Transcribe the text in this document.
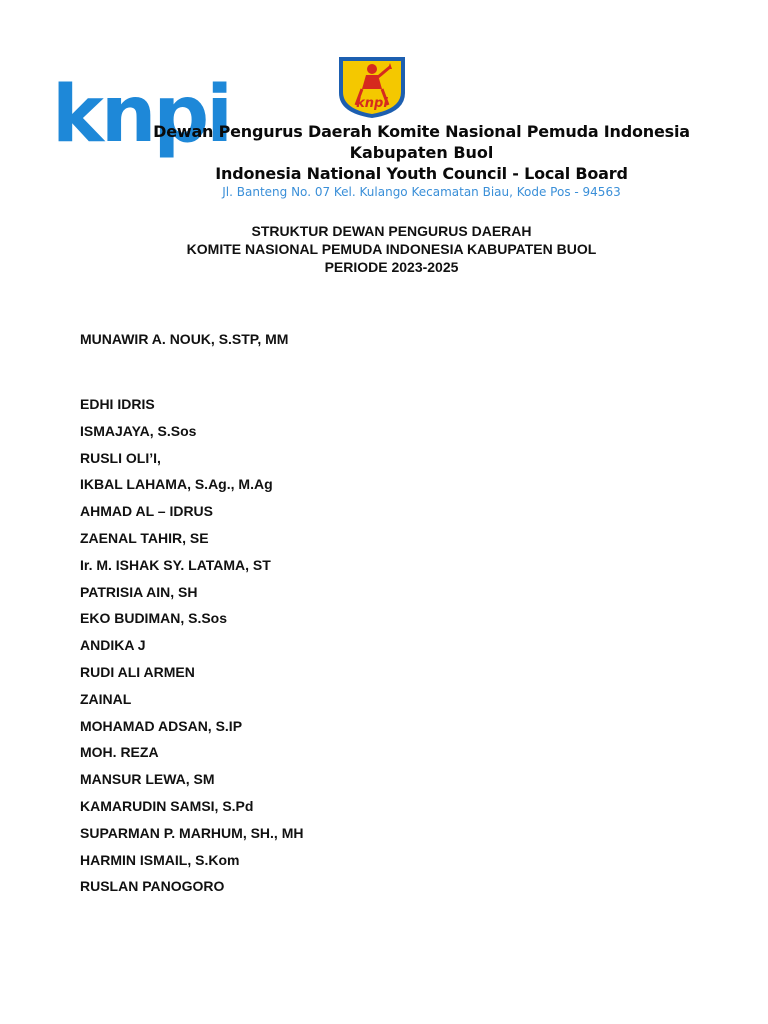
knpi	knpi
Dewan Pengurus Daerah Komite Nasional Pemuda Indonesia
Kabupaten Buol
Indonesia National Youth Council - Local Board
Jl. Banteng No. 07 Kel. Kulango Kecamatan Biau, Kode Pos - 94563
STRUKTUR DEWAN PENGURUS DAERAH
KOMITE NASIONAL PEMUDA INDONESIA KABUPATEN BUOL
PERIODE 2023-2025
MUNAWIR A. NOUK, S.STP, MM
EDHI IDRIS
ISMAJAYA, S.Sos
RUSLI OLI’I,
IKBAL LAHAMA, S.Ag., M.Ag
AHMAD AL – IDRUS
ZAENAL TAHIR, SE
Ir. M. ISHAK SY. LATAMA, ST
PATRISIA AIN, SH
EKO BUDIMAN, S.Sos
ANDIKA J
RUDI ALI ARMEN
ZAINAL
MOHAMAD ADSAN, S.IP
MOH. REZA
MANSUR LEWA, SM
KAMARUDIN SAMSI, S.Pd
SUPARMAN P. MARHUM, SH., MH
HARMIN ISMAIL, S.Kom
RUSLAN PANOGORO
